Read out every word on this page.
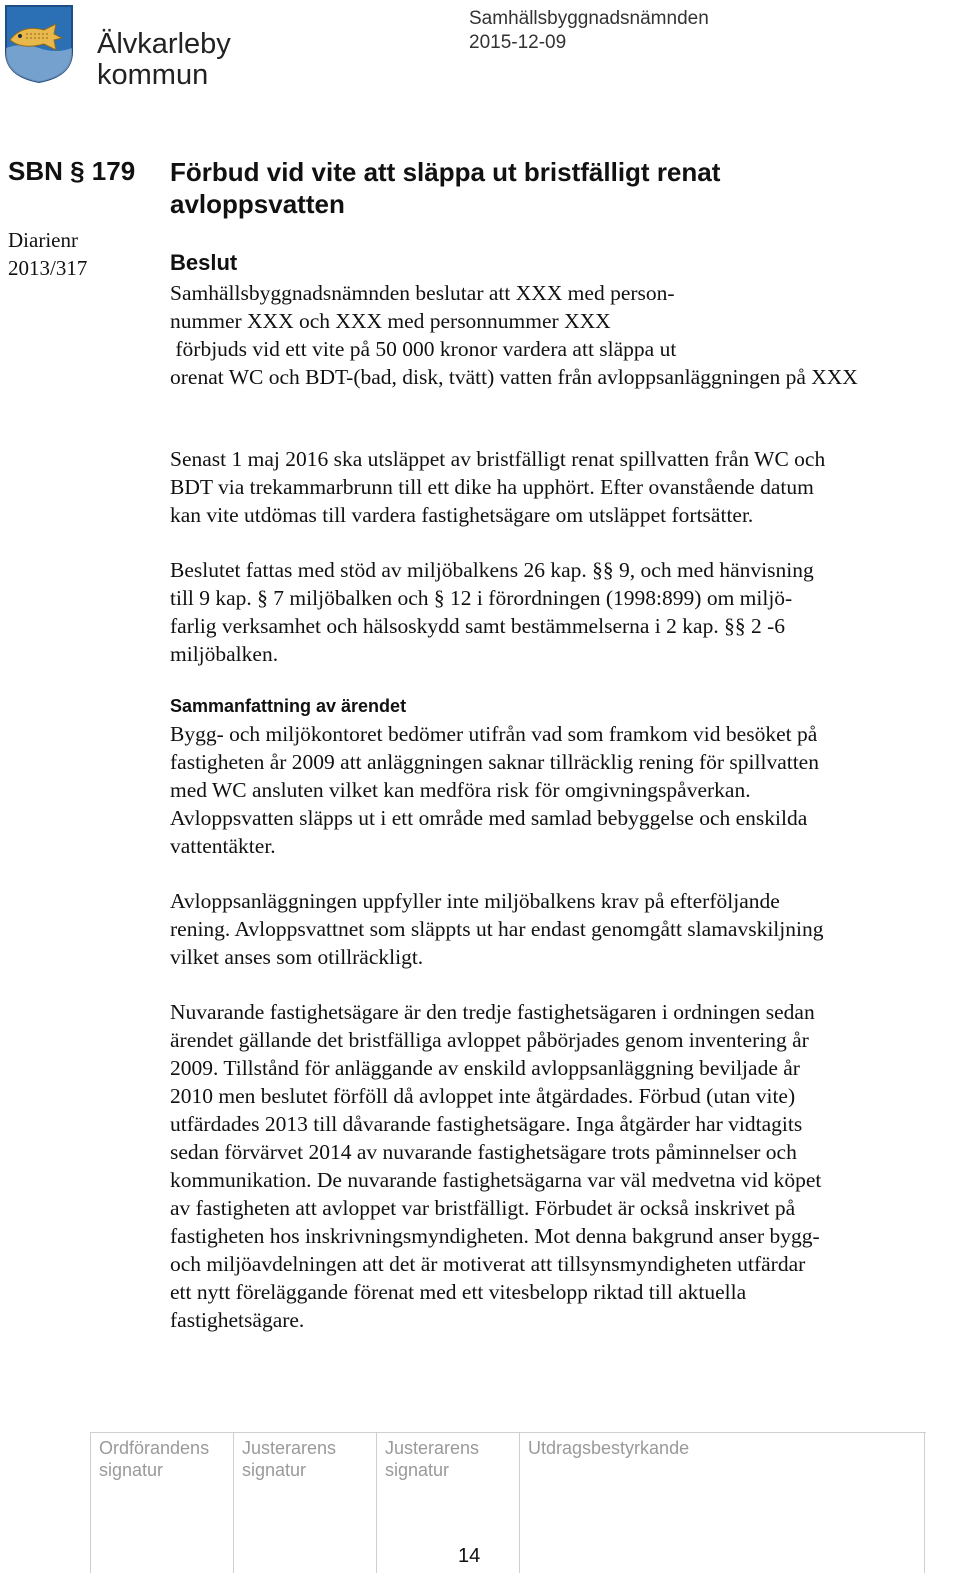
Älvkarleby
kommun
Samhällsbyggnadsnämnden
2015-12-09
SBN § 179 Förbud vid vite att släppa ut bristfälligt renat avloppsvatten
Diarienr
2013/317	Beslut
Samhällsbyggnadsnämnden beslutar att XXX med person-
nummer XXX och XXX med personnummer XXX
förbjuds vid ett vite på 50 000 kronor vardera att släppa ut
orenat WC och BDT-(bad, disk, tvätt) vatten från avloppsanläggningen på XXX
Senast 1 maj 2016 ska utsläppet av bristfälligt renat spillvatten från WC och
BDT via trekammarbrunn till ett dike ha upphört. Efter ovanstående datum
kan vite utdömas till vardera fastighetsägare om utsläppet fortsätter.
Beslutet fattas med stöd av miljöbalkens 26 kap. §§ 9, och med hänvisning
till 9 kap. § 7 miljöbalken och § 12 i förordningen (1998:899) om miljö-
farlig verksamhet och hälsoskydd samt bestämmelserna i 2 kap. §§ 2 -6
miljöbalken.
Sammanfattning av ärendet
Bygg- och miljökontoret bedömer utifrån vad som framkom vid besöket på
fastigheten år 2009 att anläggningen saknar tillräcklig rening för spillvatten
med WC ansluten vilket kan medföra risk för omgivningspåverkan.
Avloppsvatten släpps ut i ett område med samlad bebyggelse och enskilda
vattentäkter.
Avloppsanläggningen uppfyller inte miljöbalkens krav på efterföljande
rening. Avloppsvattnet som släppts ut har endast genomgått slamavskiljning
vilket anses som otillräckligt.
Nuvarande fastighetsägare är den tredje fastighetsägaren i ordningen sedan
ärendet gällande det bristfälliga avloppet påbörjades genom inventering år
2009. Tillstånd för anläggande av enskild avloppsanläggning beviljade år
2010 men beslutet förföll då avloppet inte åtgärdades. Förbud (utan vite)
utfärdades 2013 till dåvarande fastighetsägare. Inga åtgärder har vidtagits
sedan förvärvet 2014 av nuvarande fastighetsägare trots påminnelser och
kommunikation. De nuvarande fastighetsägarna var väl medvetna vid köpet
av fastigheten att avloppet var bristfälligt. Förbudet är också inskrivet på
fastigheten hos inskrivningsmyndigheten. Mot denna bakgrund anser bygg-
och miljöavdelningen att det är motiverat att tillsynsmyndigheten utfärdar
ett nytt föreläggande förenat med ett vitesbelopp riktad till aktuella
fastighetsägare.
Ordförandens
signatur
Justerarens
signatur
Justerarens
signatur
Utdragsbestyrkande
14
